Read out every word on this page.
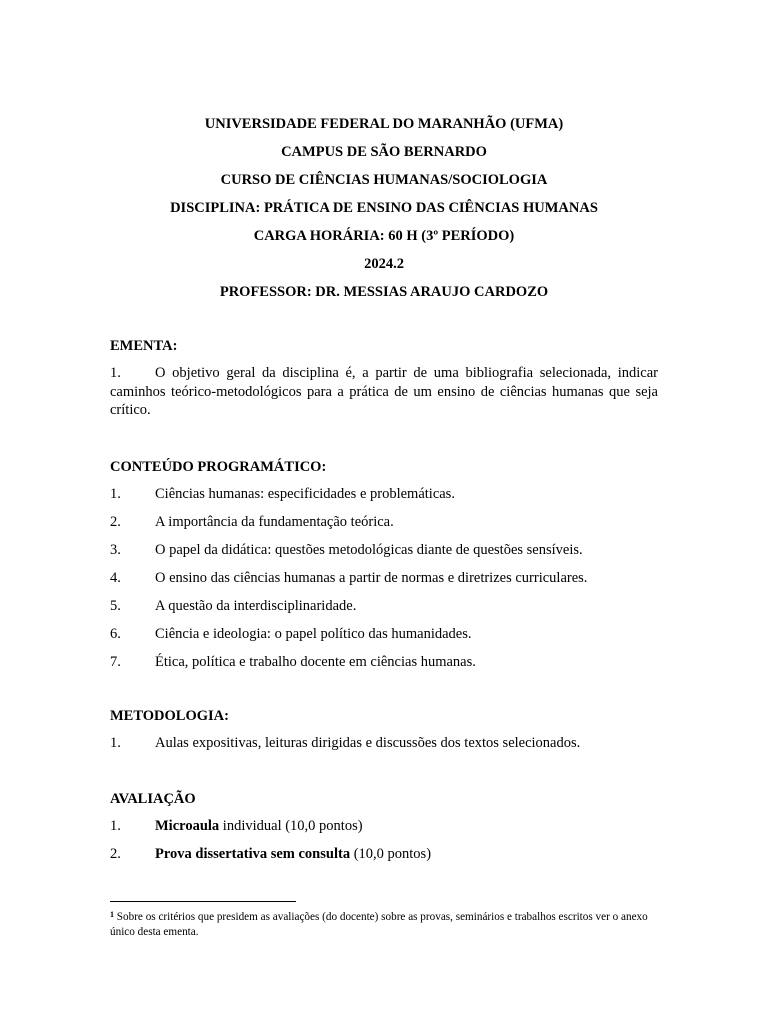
UNIVERSIDADE FEDERAL DO MARANHÃO (UFMA)
CAMPUS DE SÃO BERNARDO
CURSO DE CIÊNCIAS HUMANAS/SOCIOLOGIA
DISCIPLINA: PRÁTICA DE ENSINO DAS CIÊNCIAS HUMANAS
CARGA HORÁRIA: 60 H (3º PERÍODO)
2024.2
PROFESSOR: DR. MESSIAS ARAUJO CARDOZO
EMENTA:
1. O objetivo geral da disciplina é, a partir de uma bibliografia selecionada, indicar caminhos teórico-metodológicos para a prática de um ensino de ciências humanas que seja crítico.
CONTEÚDO PROGRAMÁTICO:
1.	Ciências humanas: especificidades e problemáticas.
2.	A importância da fundamentação teórica.
3.	O papel da didática: questões metodológicas diante de questões sensíveis.
4.	O ensino das ciências humanas a partir de normas e diretrizes curriculares.
5.	A questão da interdisciplinaridade.
6.	Ciência e ideologia: o papel político das humanidades.
7.	Ética, política e trabalho docente em ciências humanas.
METODOLOGIA:
1.	Aulas expositivas, leituras dirigidas e discussões dos textos selecionados.
AVALIAÇÃO
1.	Microaula individual (10,0 pontos)
2.	Prova dissertativa sem consulta (10,0 pontos)
$^1$ Sobre os critérios que presidem as avaliações (do docente) sobre as provas, seminários e trabalhos escritos ver o anexo único desta ementa.
